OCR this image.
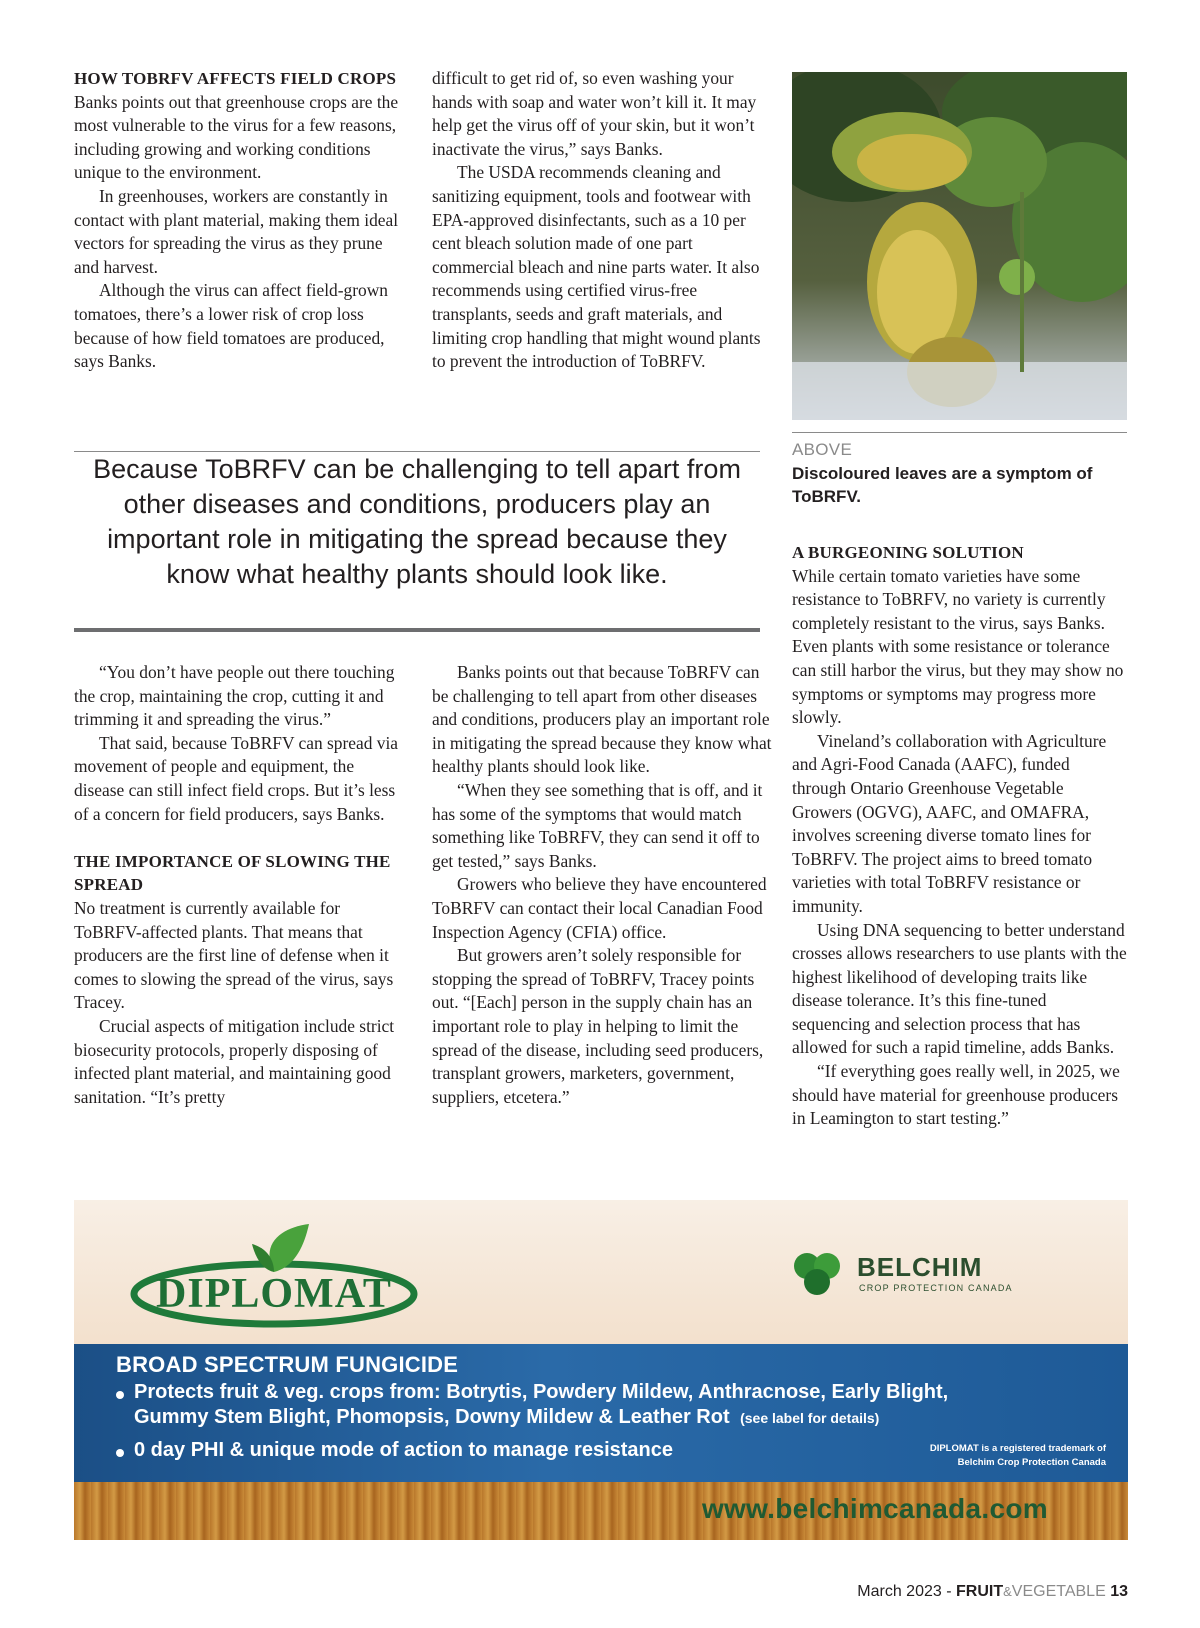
HOW TOBRFV AFFECTS FIELD CROPS

Banks points out that greenhouse crops are the most vulnerable to the virus for a few reasons, including growing and working conditions unique to the environment.

In greenhouses, workers are constantly in contact with plant material, making them ideal vectors for spreading the virus as they prune and harvest.

Although the virus can affect field-grown tomatoes, there’s a lower risk of crop loss because of how field tomatoes are produced, says Banks.

difficult to get rid of, so even washing your hands with soap and water won’t kill it. It may help get the virus off of your skin, but it won’t inactivate the virus,” says Banks.

The USDA recommends cleaning and sanitizing equipment, tools and footwear with EPA-approved disinfectants, such as a 10 per cent bleach solution made of one part commercial bleach and nine parts water. It also recommends using certified virus-free transplants, seeds and graft materials, and limiting crop handling that might wound plants to prevent the introduction of ToBRFV.

ABOVE
Discoloured leaves are a symptom of ToBRFV.
Because ToBRFV can be challenging to tell apart from other diseases and conditions, producers play an important role in mitigating the spread because they know what healthy plants should look like.

“You don’t have people out there touching the crop, maintaining the crop, cutting it and trimming it and spreading the virus.”

That said, because ToBRFV can spread via movement of people and equipment, the disease can still infect field crops. But it’s less of a concern for field producers, says Banks.

THE IMPORTANCE OF SLOWING THE SPREAD

No treatment is currently available for ToBRFV-affected plants. That means that producers are the first line of defense when it comes to slowing the spread of the virus, says Tracey.

Crucial aspects of mitigation include strict biosecurity protocols, properly disposing of infected plant material, and maintaining good sanitation. “It’s pretty

Banks points out that because ToBRFV can be challenging to tell apart from other diseases and conditions, producers play an important role in mitigating the spread because they know what healthy plants should look like.

“When they see something that is off, and it has some of the symptoms that would match something like ToBRFV, they can send it off to get tested,” says Banks.

Growers who believe they have encountered ToBRFV can contact their local Canadian Food Inspection Agency (CFIA) office.

But growers aren’t solely responsible for stopping the spread of ToBRFV, Tracey points out. “[Each] person in the supply chain has an important role to play in helping to limit the spread of the disease, including seed producers, transplant growers, marketers, government, suppliers, etcetera.”

A BURGEONING SOLUTION

While certain tomato varieties have some resistance to ToBRFV, no variety is currently completely resistant to the virus, says Banks. Even plants with some resistance or tolerance can still harbor the virus, but they may show no symptoms or symptoms may progress more slowly.

Vineland’s collaboration with Agriculture and Agri-Food Canada (AAFC), funded through Ontario Greenhouse Vegetable Growers (OGVG), AAFC, and OMAFRA, involves screening diverse tomato lines for ToBRFV. The project aims to breed tomato varieties with total ToBRFV resistance or immunity.

Using DNA sequencing to better understand crosses allows researchers to use plants with the highest likelihood of developing traits like disease tolerance. It’s this fine-tuned sequencing and selection process that has allowed for such a rapid timeline, adds Banks.

“If everything goes really well, in 2025, we should have material for greenhouse producers in Leamington to start testing.”

DIPLOMAT
BELCHIM
CROP PROTECTION CANADA
BROAD SPECTRUM FUNGICIDE
Protects fruit & veg. crops from: Botrytis, Powdery Mildew, Anthracnose, Early Blight,
Gummy Stem Blight, Phomopsis, Downy Mildew & Leather Rot (see label for details)
0 day PHI & unique mode of action to manage resistance	DIPLOMAT is a registered trademark of
Belchim Crop Protection Canada
www.belchimcanada.com
March 2023 - FRUIT&VEGETABLE 13
